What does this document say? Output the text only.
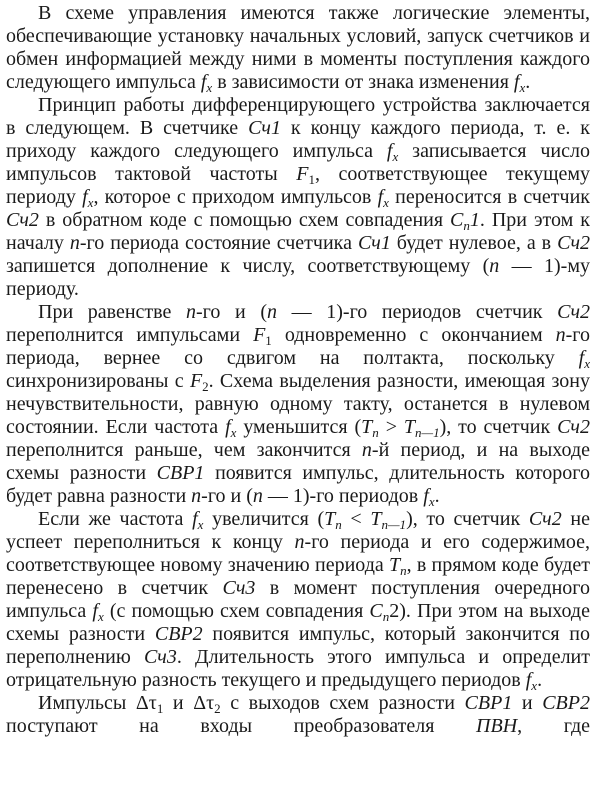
В схеме управления имеются также логические элементы, обеспечивающие установку начальных условий, запуск счетчиков и обмен информацией между ними в моменты поступления каждого следующего импульса $f_x$ в зависимости от знака изменения $f_x$.

Принцип работы дифференцирующего устройства заключается в следующем. В счетчике Сч1 к концу каждого периода, т. е. к приходу каждого следующего импульса $f_x$ записывается число импульсов тактовой частоты $F_1$, соответствующее текущему периоду $f_x$, которое с приходом импульсов $f_x$ переносится в счетчик Сч2 в обратном коде с помощью схем совпадения $C_n1$. При этом к началу n-го периода состояние счетчика Сч1 будет нулевое, а в Сч2 запишется дополнение к числу, соответствующему (n — 1)-му периоду.

При равенстве n-го и (n — 1)-го периодов счетчик Сч2 переполнится импульсами $F_1$ одновременно с окончанием n-го периода, вернее со сдвигом на полтакта, поскольку $f_x$ синхронизированы с $F_2$. Схема выделения разности, имеющая зону нечувствительности, равную одному такту, останется в нулевом состоянии. Если частота $f_x$ уменьшится $(T_n > T_{n—1})$, то счетчик Сч2 переполнится раньше, чем закончится n-й период, и на выходе схемы разности СВР1 появится импульс, длительность которого будет равна разности n-го и (n — 1)-го периодов $f_x$.

Если же частота $f_x$ увеличится $(T_n < T_{n—1})$, то счетчик Сч2 не успеет переполниться к концу n-го периода и его содержимое, соответствующее новому значению периода $T_n$, в прямом коде будет перенесено в счетчик Сч3 в момент поступления очередного импульса $f_x$ (с помощью схем совпадения $C_n2$). При этом на выходе схемы разности СВР2 появится импульс, который закончится по переполнению Сч3. Длительность этого импульса и определит отрицательную разность текущего и предыдущего периодов $f_x$.

Импульсы $\Delta\tau_1$ и $\Delta\tau_2$ с выходов схем разности СВР1 и СВР2 поступают на входы преобразователя ПВН, где
